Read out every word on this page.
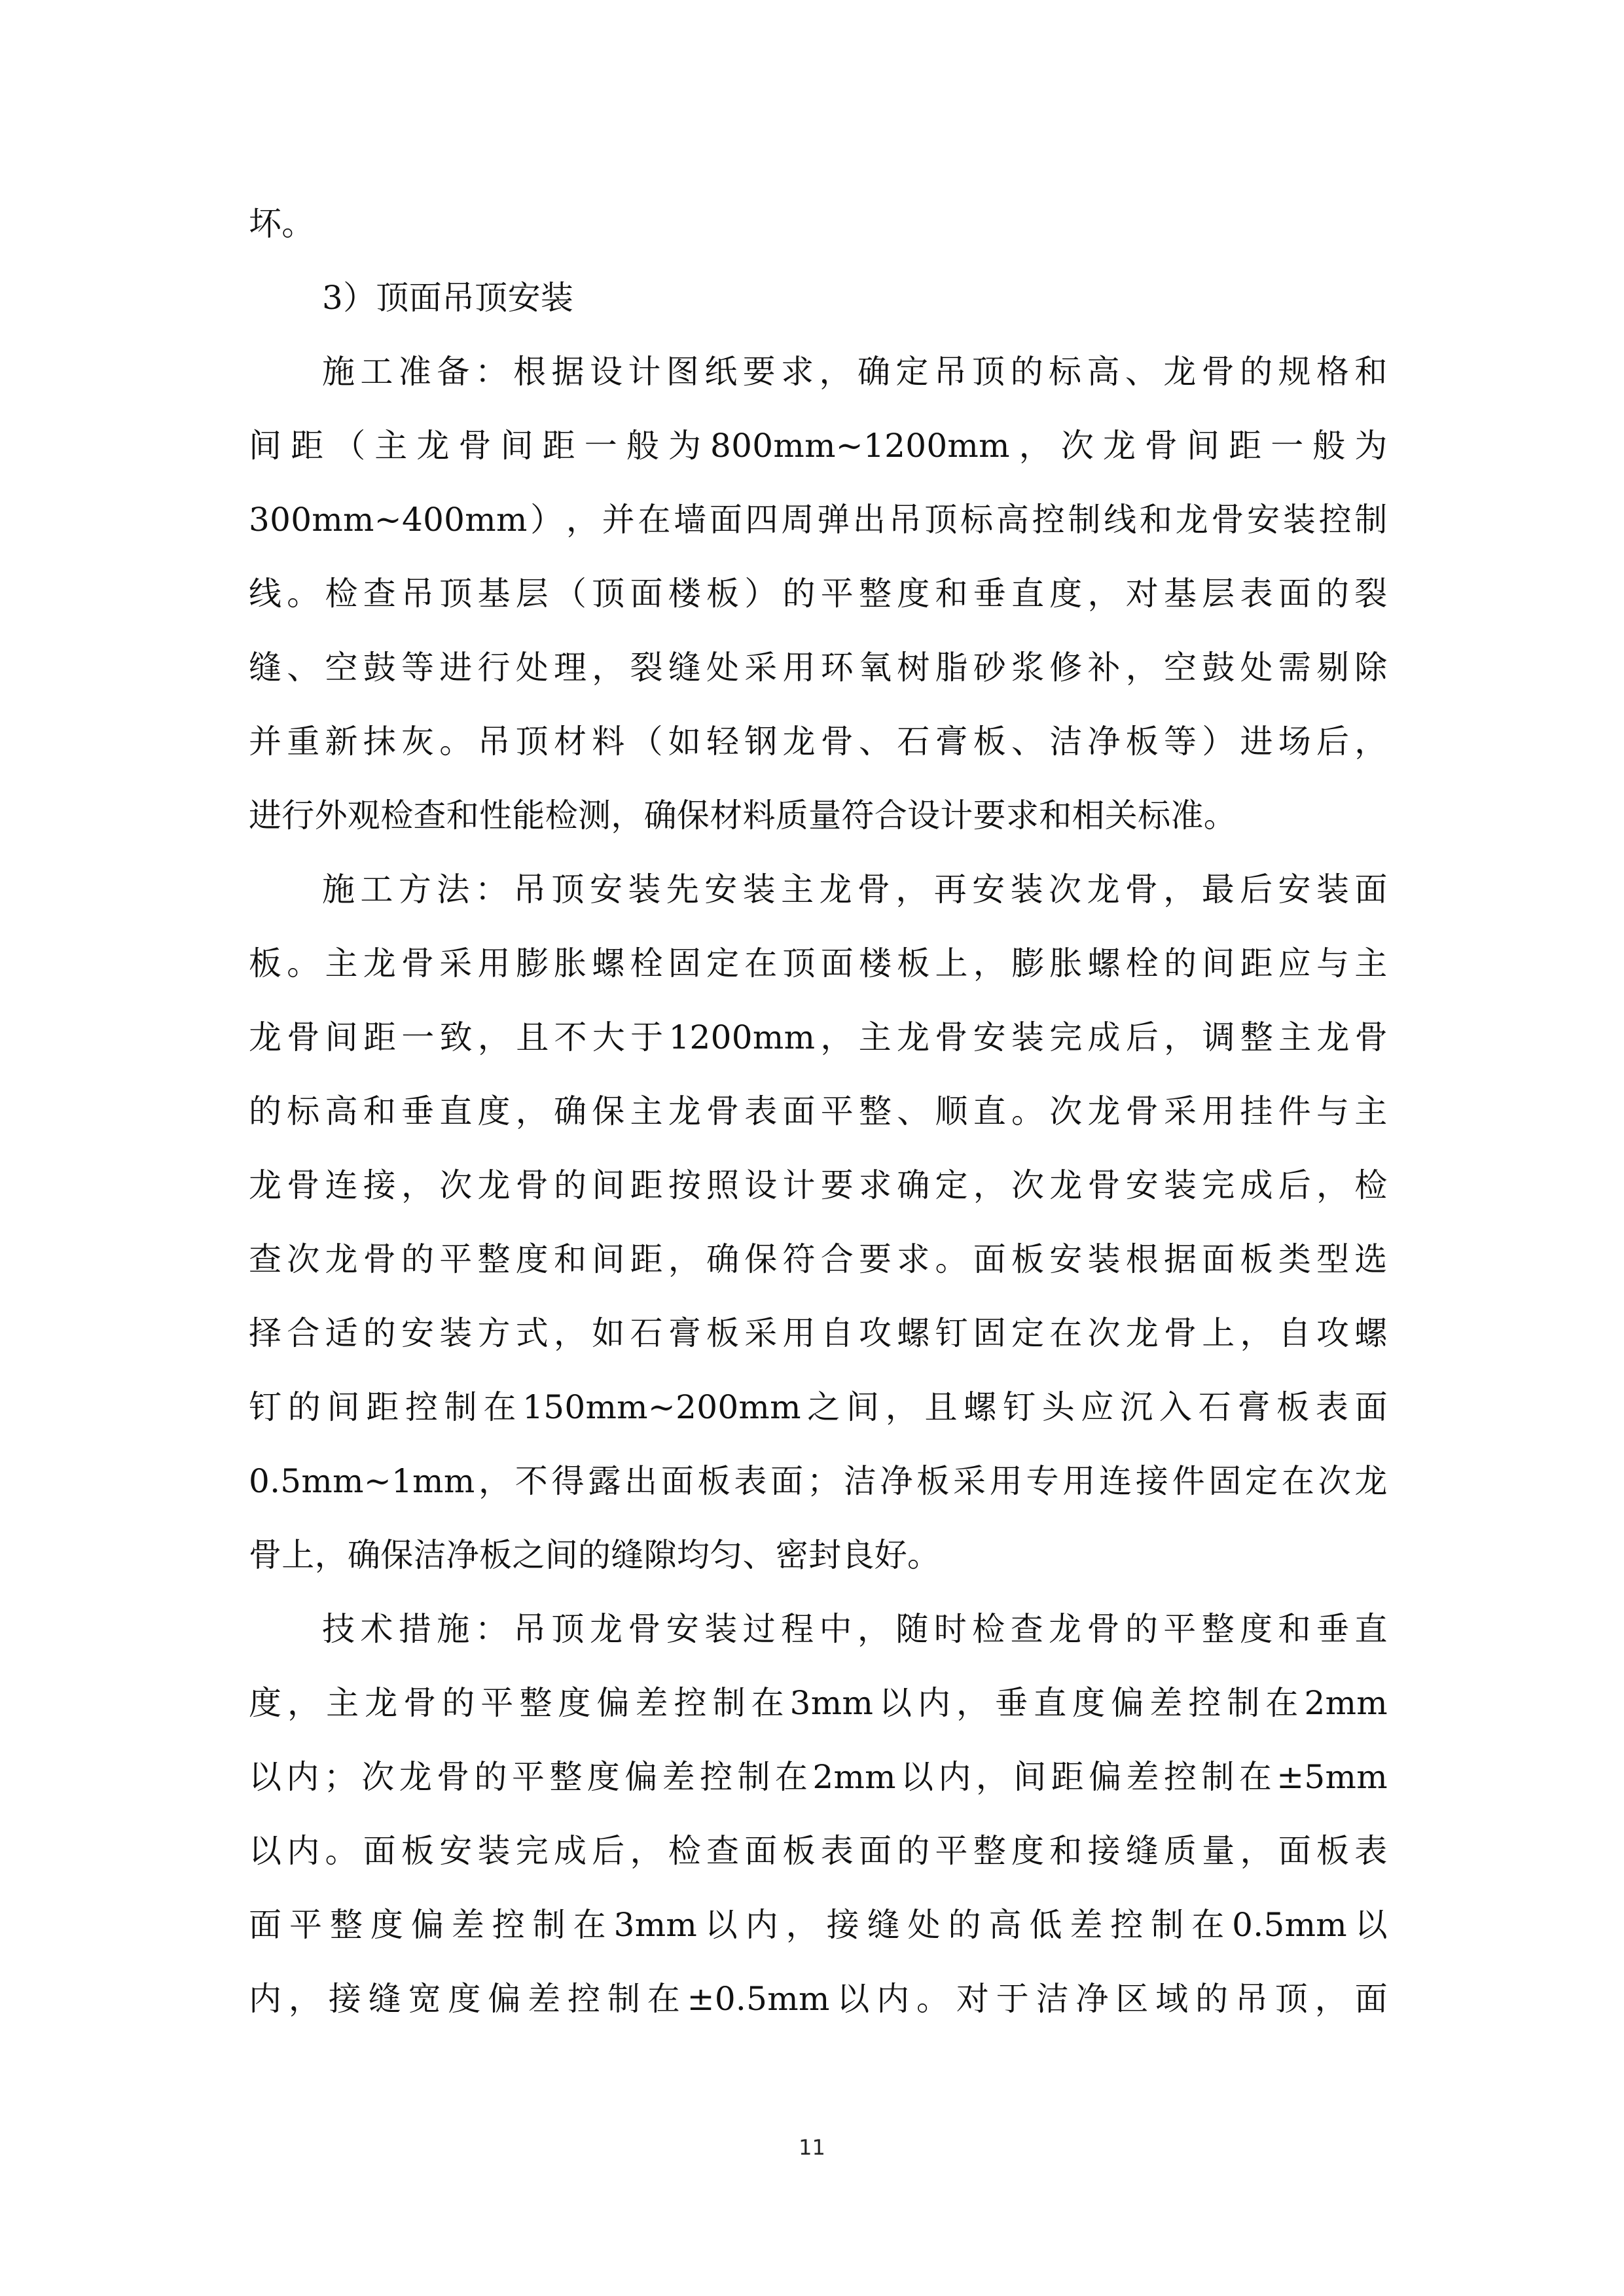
坏。
3）顶面吊顶安装
施 工 准 备 ： 根 据 设 计 图 纸 要 求 ， 确 定 吊 顶 的 标 高 、 龙 骨 的 规 格 和
间 距 （ 主 龙 骨 间 距 一 般 为 800mm~1200mm ， 次 龙 骨 间 距 一 般 为
300mm~400mm ） ， 并 在 墙 面 四 周 弹 出 吊 顶 标 高 控 制 线 和 龙 骨 安 装 控 制
线 。 检 查 吊 顶 基 层 （ 顶 面 楼 板 ） 的 平 整 度 和 垂 直 度 ， 对 基 层 表 面 的 裂
缝 、 空 鼓 等 进 行 处 理 ， 裂 缝 处 采 用 环 氧 树 脂 砂 浆 修 补 ， 空 鼓 处 需 剔 除
并 重 新 抹 灰 。 吊 顶 材 料 （ 如 轻 钢 龙 骨 、 石 膏 板 、 洁 净 板 等 ） 进 场 后 ，
进行外观检查和性能检测，确保材料质量符合设计要求和相关标准。
施 工 方 法 ： 吊 顶 安 装 先 安 装 主 龙 骨 ， 再 安 装 次 龙 骨 ， 最 后 安 装 面
板 。 主 龙 骨 采 用 膨 胀 螺 栓 固 定 在 顶 面 楼 板 上 ， 膨 胀 螺 栓 的 间 距 应 与 主
龙 骨 间 距 一 致 ， 且 不 大 于 1200mm ， 主 龙 骨 安 装 完 成 后 ， 调 整 主 龙 骨
的 标 高 和 垂 直 度 ， 确 保 主 龙 骨 表 面 平 整 、 顺 直 。 次 龙 骨 采 用 挂 件 与 主
龙 骨 连 接 ， 次 龙 骨 的 间 距 按 照 设 计 要 求 确 定 ， 次 龙 骨 安 装 完 成 后 ， 检
查 次 龙 骨 的 平 整 度 和 间 距 ， 确 保 符 合 要 求 。 面 板 安 装 根 据 面 板 类 型 选
择 合 适 的 安 装 方 式 ， 如 石 膏 板 采 用 自 攻 螺 钉 固 定 在 次 龙 骨 上 ， 自 攻 螺
钉 的 间 距 控 制 在 150mm~200mm 之 间 ， 且 螺 钉 头 应 沉 入 石 膏 板 表 面
0.5mm~1mm ， 不 得 露 出 面 板 表 面 ； 洁 净 板 采 用 专 用 连 接 件 固 定 在 次 龙
骨上，确保洁净板之间的缝隙均匀、密封良好。
技 术 措 施 ： 吊 顶 龙 骨 安 装 过 程 中 ， 随 时 检 查 龙 骨 的 平 整 度 和 垂 直
度 ， 主 龙 骨 的 平 整 度 偏 差 控 制 在 3mm 以 内 ， 垂 直 度 偏 差 控 制 在 2mm
以 内 ； 次 龙 骨 的 平 整 度 偏 差 控 制 在 2mm 以 内 ， 间 距 偏 差 控 制 在 ±5mm
以 内 。 面 板 安 装 完 成 后 ， 检 查 面 板 表 面 的 平 整 度 和 接 缝 质 量 ， 面 板 表
面 平 整 度 偏 差 控 制 在 3mm 以 内 ， 接 缝 处 的 高 低 差 控 制 在 0.5mm 以
内 ， 接 缝 宽 度 偏 差 控 制 在 ±0.5mm 以 内 。 对 于 洁 净 区 域 的 吊 顶 ， 面
11
